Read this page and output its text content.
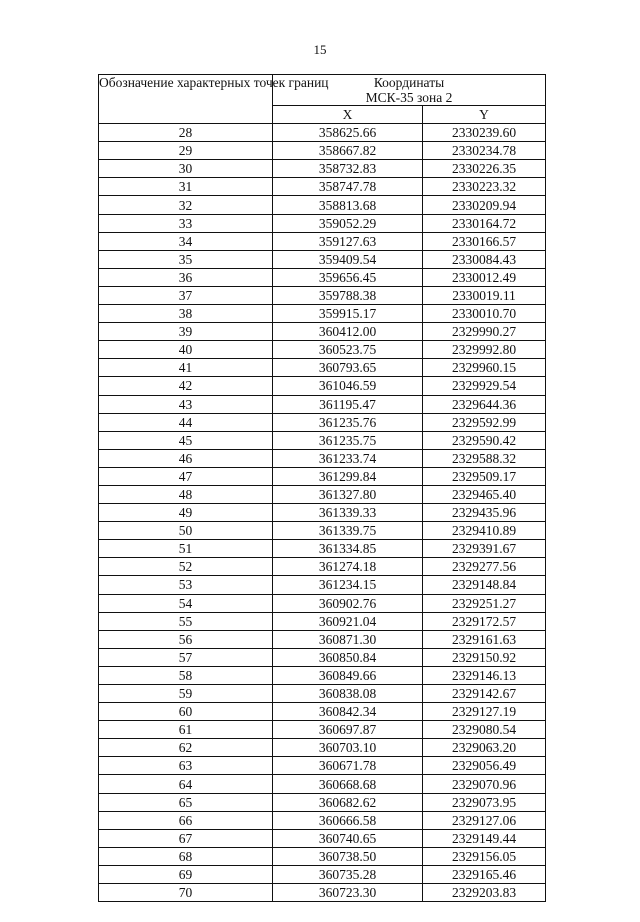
15
Обозначение характерных точек границ	Координаты
МСК-35 зона 2	
	X	Y
28	358625.66	2330239.60
29	358667.82	2330234.78
30	358732.83	2330226.35
31	358747.78	2330223.32
32	358813.68	2330209.94
33	359052.29	2330164.72
34	359127.63	2330166.57
35	359409.54	2330084.43
36	359656.45	2330012.49
37	359788.38	2330019.11
38	359915.17	2330010.70
39	360412.00	2329990.27
40	360523.75	2329992.80
41	360793.65	2329960.15
42	361046.59	2329929.54
43	361195.47	2329644.36
44	361235.76	2329592.99
45	361235.75	2329590.42
46	361233.74	2329588.32
47	361299.84	2329509.17
48	361327.80	2329465.40
49	361339.33	2329435.96
50	361339.75	2329410.89
51	361334.85	2329391.67
52	361274.18	2329277.56
53	361234.15	2329148.84
54	360902.76	2329251.27
55	360921.04	2329172.57
56	360871.30	2329161.63
57	360850.84	2329150.92
58	360849.66	2329146.13
59	360838.08	2329142.67
60	360842.34	2329127.19
61	360697.87	2329080.54
62	360703.10	2329063.20
63	360671.78	2329056.49
64	360668.68	2329070.96
65	360682.62	2329073.95
66	360666.58	2329127.06
67	360740.65	2329149.44
68	360738.50	2329156.05
69	360735.28	2329165.46
70	360723.30	2329203.83
